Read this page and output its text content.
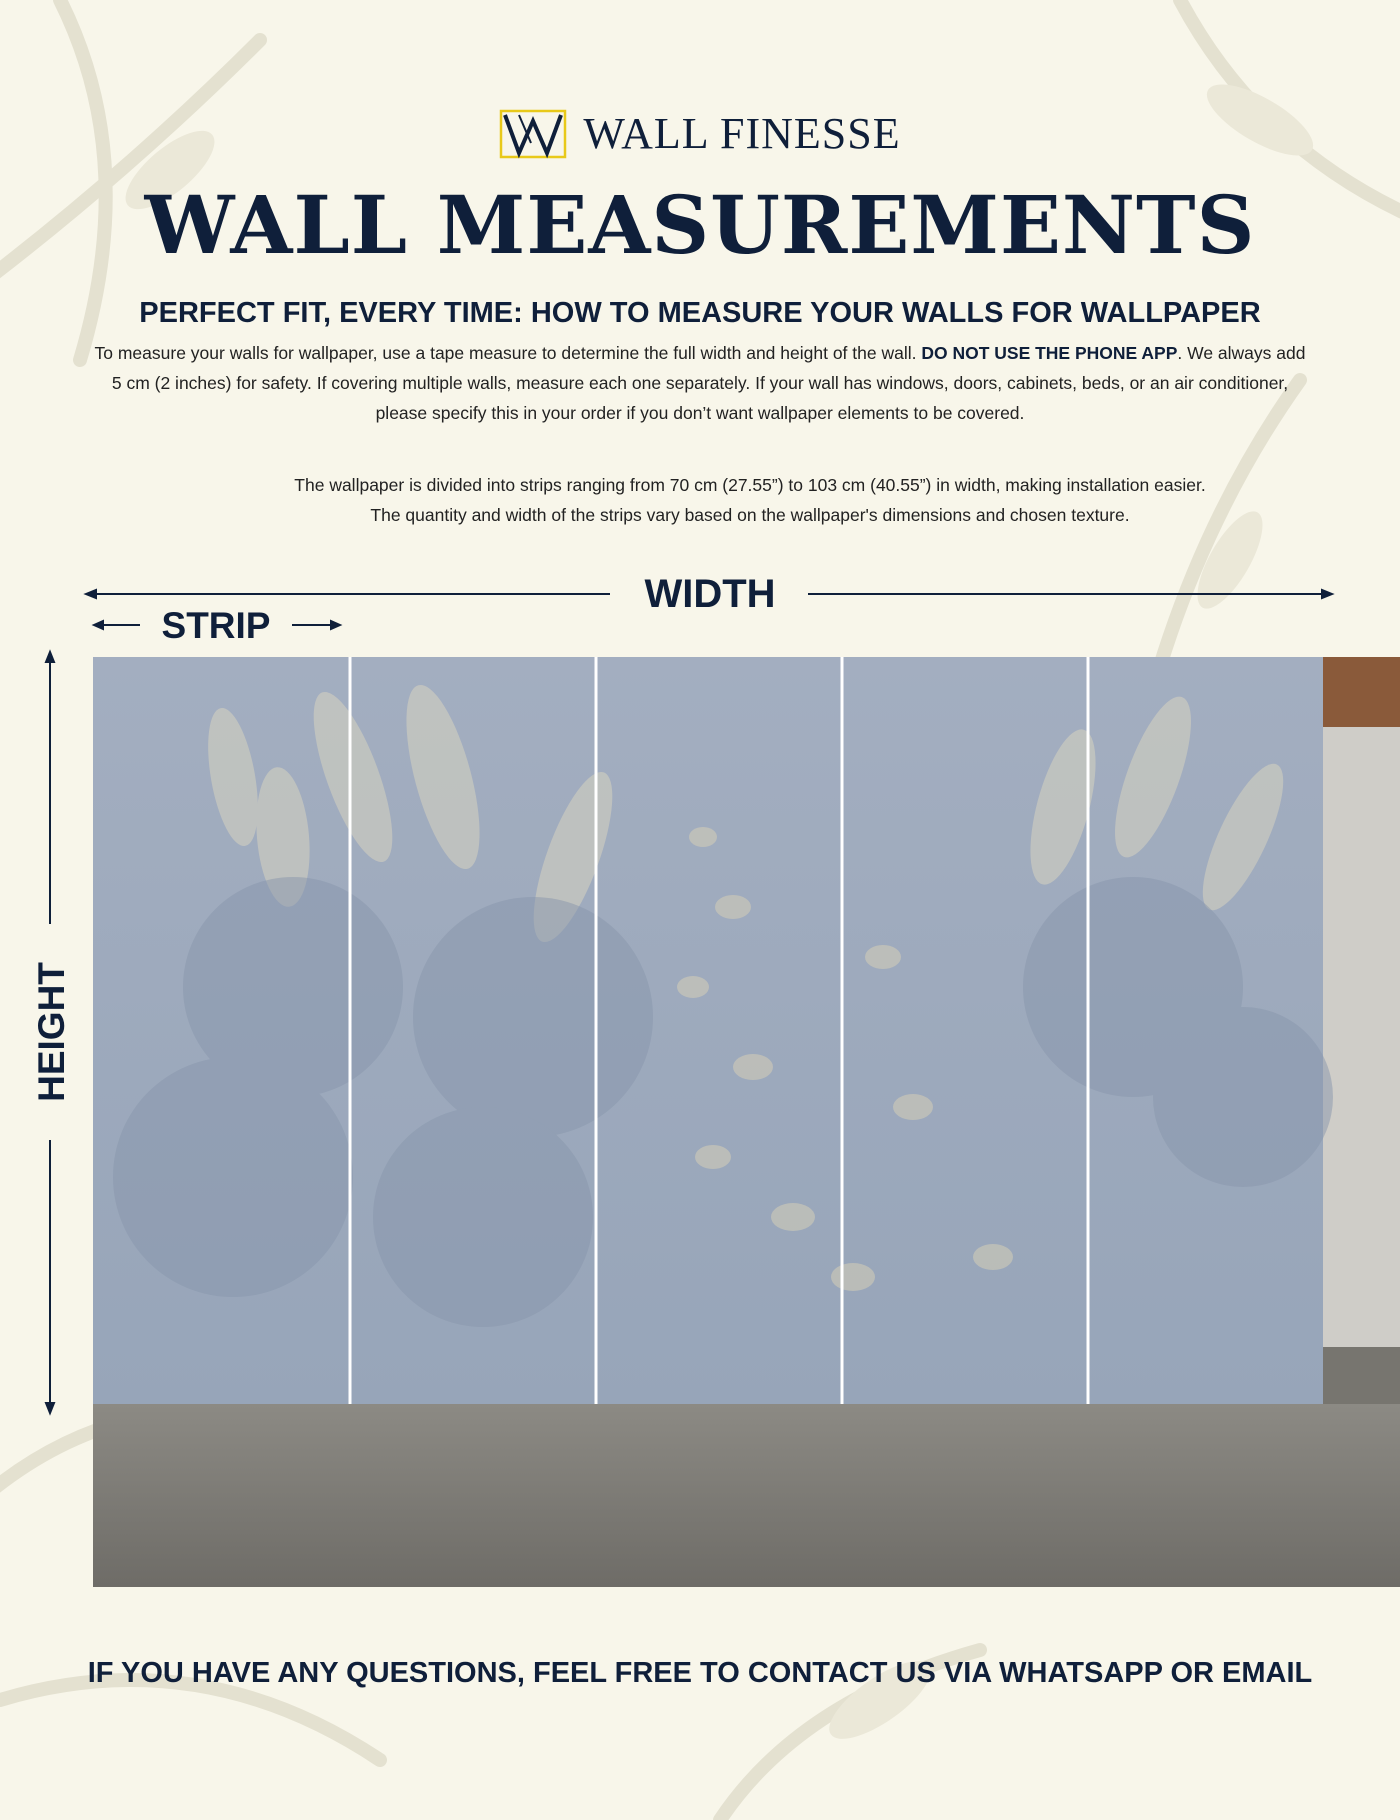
WALL FINESSE
WALL MEASUREMENTS
PERFECT FIT, EVERY TIME: HOW TO MEASURE YOUR WALLS FOR WALLPAPER

To measure your walls for wallpaper, use a tape measure to determine the full width and height of the wall. DO NOT USE THE PHONE APP. We always add 5 cm (2 inches) for safety. If covering multiple walls, measure each one separately. If your wall has windows, doors, cabinets, beds, or an air conditioner, please specify this in your order if you don’t want wallpaper elements to be covered.

The wallpaper is divided into strips ranging from 70 cm (27.55”) to 103 cm (40.55”) in width, making installation easier.
The quantity and width of the strips vary based on the wallpaper's dimensions and chosen texture.
WIDTH
STRIP
HEIGHT

IF YOU HAVE ANY QUESTIONS, FEEL FREE TO CONTACT US VIA WHATSAPP OR EMAIL
